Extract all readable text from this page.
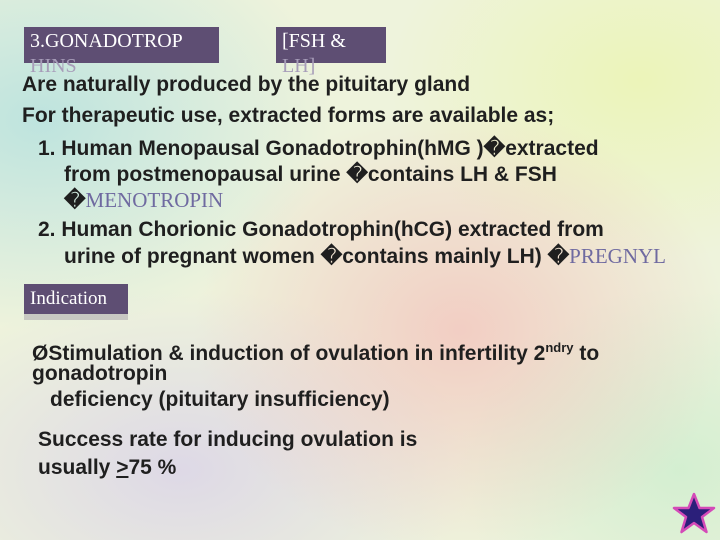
3.GONADOTROP
HINS
[FSH &
LH]
Are naturally produced by the pituitary gland
For therapeutic use, extracted forms are available as;
1. Human Menopausal Gonadotrophin(hMG )�extracted
from postmenopausal urine �contains LH & FSH
�MENOTROPIN
2. Human Chorionic Gonadotrophin(hCG) extracted from
urine of pregnant women �contains mainly LH) �PREGNYL
Indication
ØStimulation & induction of ovulation in infertility $2^{ndry}$ to
gonadotropin
deficiency (pituitary insufficiency)
Success rate for inducing ovulation is
usually >75 %
